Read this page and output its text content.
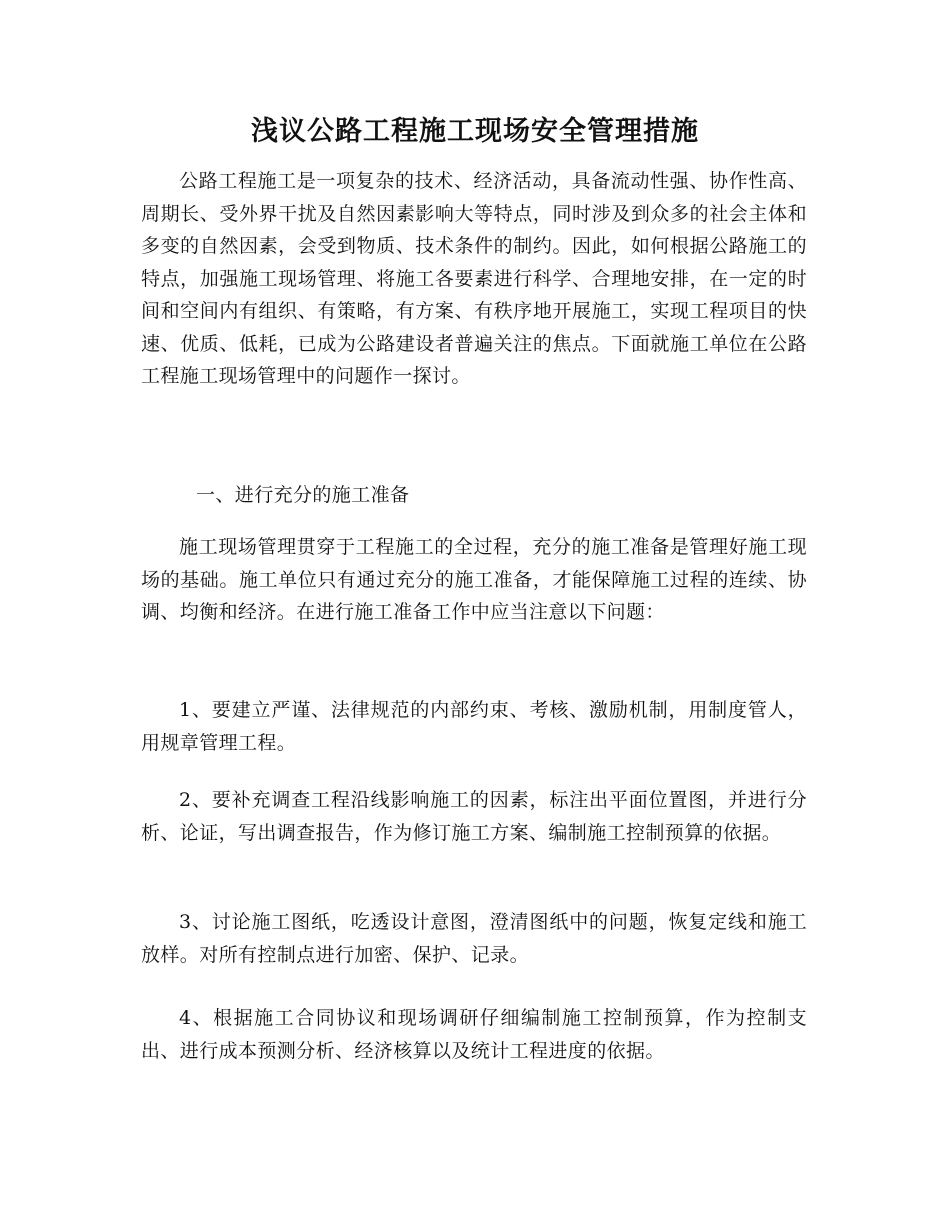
浅议公路工程施工现场安全管理措施

公路工程施工是一项复杂的技术、经济活动，具备流动性强、协作性高、周期长、受外界干扰及自然因素影响大等特点，同时涉及到众多的社会主体和多变的自然因素，会受到物质、技术条件的制约。因此，如何根据公路施工的特点，加强施工现场管理、将施工各要素进行科学、合理地安排，在一定的时间和空间内有组织、有策略，有方案、有秩序地开展施工，实现工程项目的快速、优质、低耗，已成为公路建设者普遍关注的焦点。下面就施工单位在公路工程施工现场管理中的问题作一探讨。

一、进行充分的施工准备

施工现场管理贯穿于工程施工的全过程，充分的施工准备是管理好施工现场的基础。施工单位只有通过充分的施工准备，才能保障施工过程的连续、协调、均衡和经济。在进行施工准备工作中应当注意以下问题：

1、要建立严谨、法律规范的内部约束、考核、激励机制，用制度管人，用规章管理工程。

2、要补充调查工程沿线影响施工的因素，标注出平面位置图，并进行分析、论证，写出调查报告，作为修订施工方案、编制施工控制预算的依据。

3、讨论施工图纸，吃透设计意图，澄清图纸中的问题，恢复定线和施工放样。对所有控制点进行加密、保护、记录。

4、根据施工合同协议和现场调研仔细编制施工控制预算，作为控制支出、进行成本预测分析、经济核算以及统计工程进度的依据。
